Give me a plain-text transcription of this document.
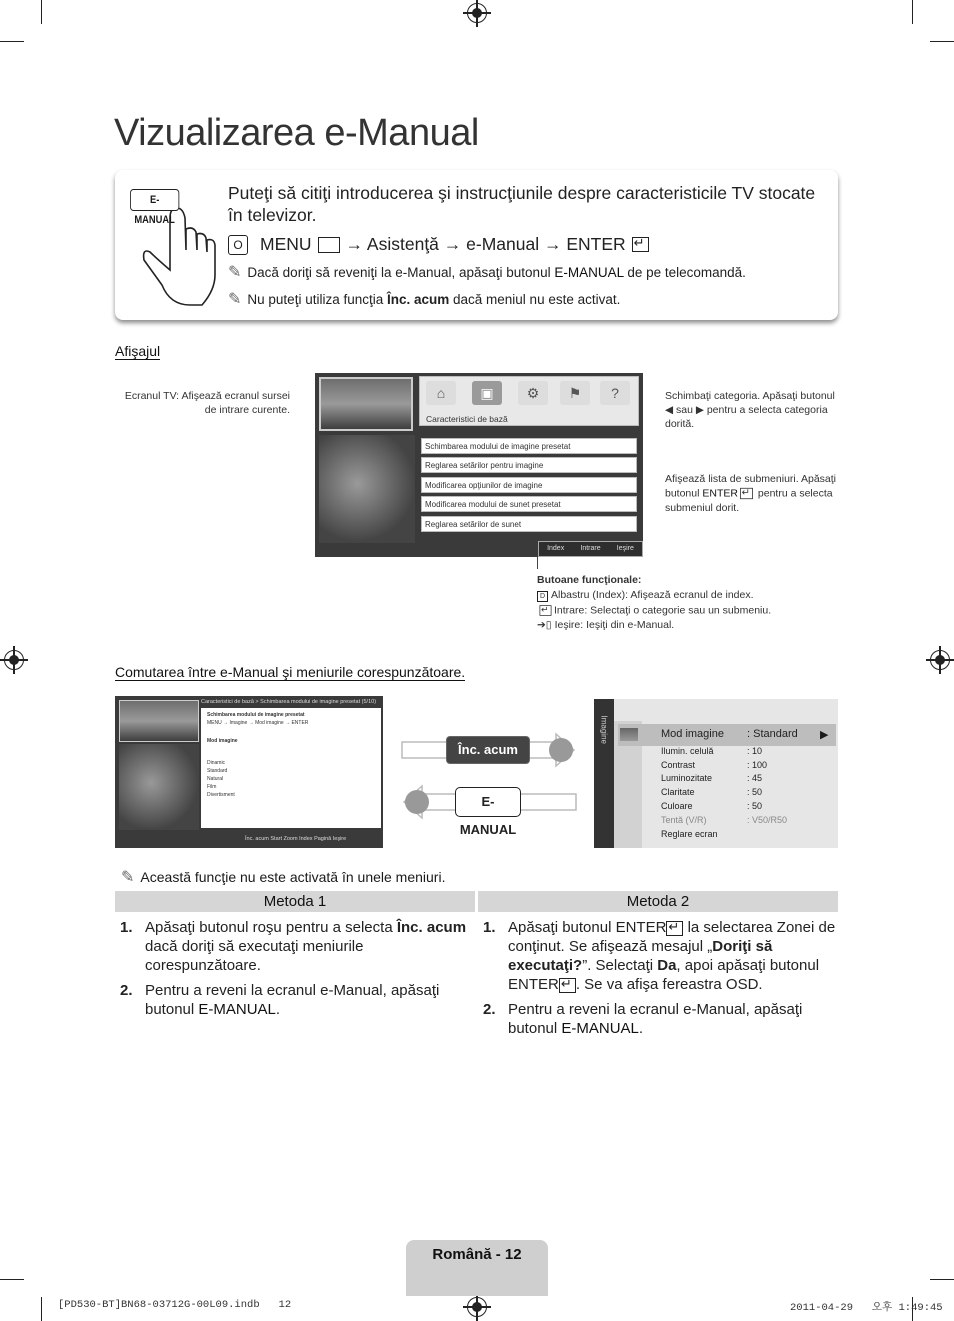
Vizualizarea e-Manual
E-MANUAL
Puteţi să citiţi introducerea şi instrucţiunile despre caracteristicile TV stocate în televizor.
O MENU → Asistenţă → e-Manual → ENTER
↵
✎ Dacă doriţi să reveniţi la e-Manual, apăsaţi butonul E-MANUAL de pe telecomandă.
✎ Nu puteţi utiliza funcţia Înc. acum dacă meniul nu este activat.
Afişajul
Ecranul TV: Afişează ecranul sursei de intrare curente.
Schimbaţi categoria. Apăsaţi butonul ◀ sau ▶ pentru a selecta categoria dorită.
Afişează lista de submeniuri. Apăsaţi butonul ENTER↵ pentru a selecta submeniul dorit.
⌂	▣	⚙	⚑	?
Caracteristici de bază
Schimbarea modului de imagine presetat
Reglarea setărilor pentru imagine
Modificarea opţiunilor de imagine
Modificarea modului de sunet presetat
Reglarea setărilor de sunet
Index Intrare Ieşire
Butoane funcţionale:
D Albastru (Index): Afişează ecranul de index.
↵Intrare: Selectaţi o categorie sau un submeniu.
➔▯ Ieşire: Ieşiţi din e-Manual.
Comutarea între e-Manual şi meniurile corespunzătoare.
Caracteristici de bază > Schimbarea modului de imagine presetat (5/10)
Schimbarea modului de imagine presetat
MENU → Imagine → Mod imagine → ENTER
Mod imagine
Dinamic
Standard
Natural
Film
Divertisment
Înc. acum Start Zoom Index Pagină Ieşire
Înc. acum
E-MANUAL
Imagine	▶
Mod imagine	: Standard
Ilumin. celulă	: 10
Contrast	: 100
Luminozitate	: 45
Claritate	: 50
Culoare	: 50
Tentă (V/R)	: V50/R50
Reglare ecran
✎ Această funcţie nu este activată în unele meniuri.
Metoda 1
1. Apăsaţi butonul roşu pentru a selecta Înc. acum dacă doriţi să executaţi meniurile corespunzătoare.
2. Pentru a reveni la ecranul e-Manual, apăsaţi butonul E-MANUAL.
Metoda 2
1. Apăsaţi butonul ENTER↵ la selectarea Zonei de conţinut. Se afişează mesajul „Doriţi să executaţi?”. Selectaţi Da, apoi apăsaţi butonul ENTER↵ . Se va afişa fereastra OSD.
2. Pentru a reveni la ecranul e-Manual, apăsaţi butonul E-MANUAL.
Română - 12
[PD530-BT]BN68-03712G-00L09.indb   12	2011-04-29   오후 1:49:45
